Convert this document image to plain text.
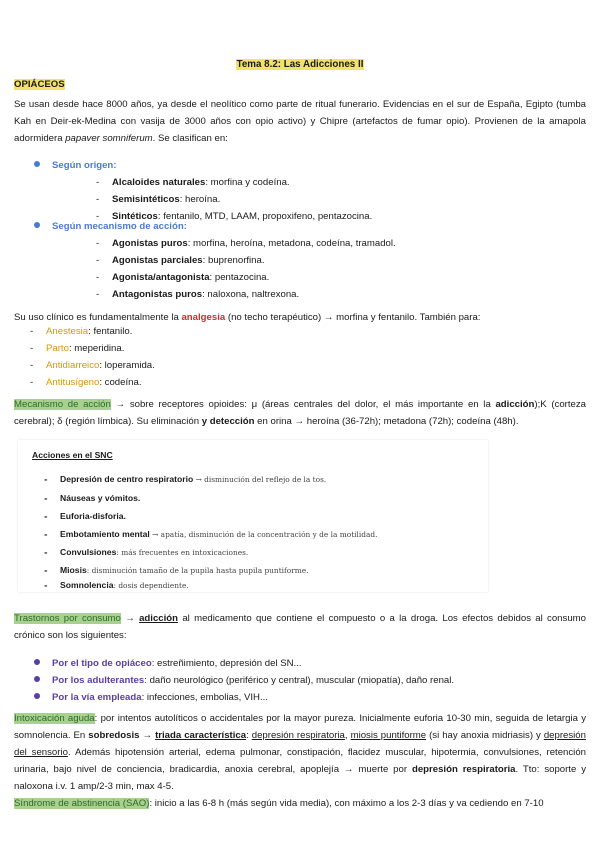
Tema 8.2: Las Adicciones II
OPIÁCEOS
Se usan desde hace 8000 años, ya desde el neolítico como parte de ritual funerario. Evidencias en el sur de España, Egipto (tumba Kah en Deir-ek-Medina con vasija de 3000 años con opio activo) y Chipre (artefactos de fumar opio). Provienen de la amapola adormidera papaver somniferum. Se clasifican en:
Según origen:
- Alcaloides naturales: morfina y codeína.
- Semisintéticos: heroína.
- Sintéticos: fentanilo, MTD, LAAM, propoxifeno, pentazocina.
Según mecanismo de acción:
- Agonistas puros: morfina, heroína, metadona, codeína, tramadol.
- Agonistas parciales: buprenorfina.
- Agonista/antagonista: pentazocina.
- Antagonistas puros: naloxona, naltrexona.
Su uso clínico es fundamentalmente la analgesia (no techo terapéutico) → morfina y fentanilo. También para:
- Anestesia: fentanilo.
- Parto: meperidina.
- Antidiarreico: loperamida.
- Antitusígeno: codeína.
Mecanismo de acción → sobre receptores opioides: μ (áreas centrales del dolor, el más importante en la adicción);Κ (corteza cerebral); δ (región límbica). Su eliminación y detección en orina → heroína (36-72h); metadona (72h); codeína (48h).
Acciones en el SNC
- Depresión de centro respiratorio → disminución del reflejo de la tos.
- Náuseas y vómitos.
- Euforia-disforia.
- Embotamiento mental → apatía, disminución de la concentración y de la motilidad.
- Convulsiones: más frecuentes en intoxicaciones.
- Miosis: disminución tamaño de la pupila hasta pupila puntiforme.
- Somnolencia: dosis dependiente.
Trastornos por consumo → adicción al medicamento que contiene el compuesto o a la droga. Los efectos debidos al consumo crónico son los siguientes:
Por el tipo de opiáceo: estreñimiento, depresión del SN...
Por los adulterantes: daño neurológico (periférico y central), muscular (miopatía), daño renal.
Por la vía empleada: infecciones, embolias, VIH...
Intoxicación aguda: por intentos autolíticos o accidentales por la mayor pureza. Inicialmente euforia 10-30 min, seguida de letargia y somnolencia. En sobredosis → triada característica: depresión respiratoria, miosis puntiforme (si hay anoxia midriasis) y depresión del sensorio. Además hipotensión arterial, edema pulmonar, constipación, flacidez muscular, hipotermia, convulsiones, retención urinaria, bajo nivel de conciencia, bradicardia, anoxia cerebral, apoplejía → muerte por depresión respiratoria. Tto: soporte y naloxona i.v. 1 amp/2-3 min, max 4-5.
Síndrome de abstinencia (SAO): inicio a las 6-8 h (más según vida media), con máximo a los 2-3 días y va cediendo en 7-10
